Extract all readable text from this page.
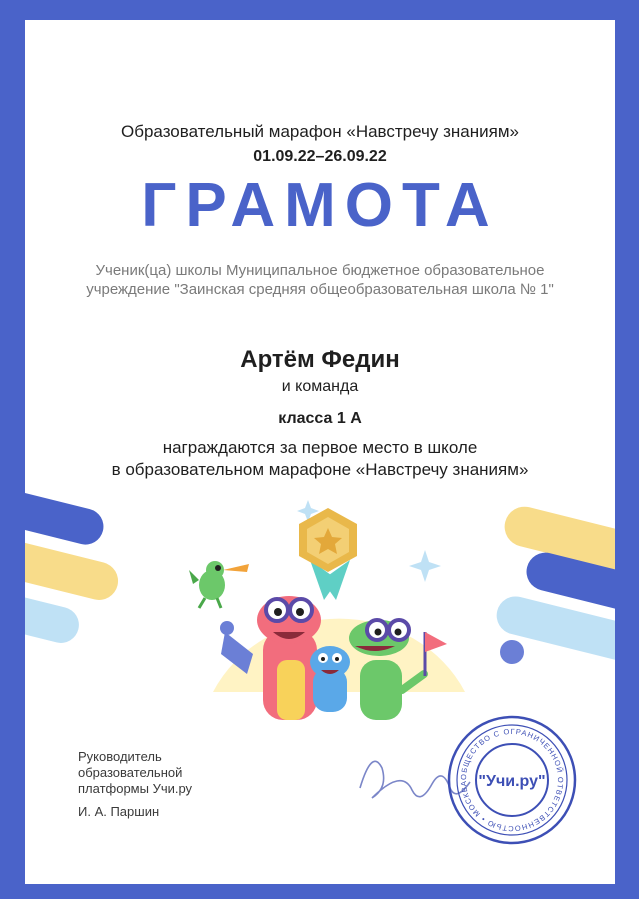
ОБЩЕСТВО С ОГРАНИЧЕННОЙ ОТВЕТСТВЕННОСТЬЮ • МОСКВА "Учи.ру"
Образовательный марафон «Навстречу знаниям»
01.09.22–26.09.22
ГРАМОТА
Ученик(ца) школы Муниципальное бюджетное образовательное
учреждение "Заинская средняя общеобразовательная школа № 1"
Артём Федин
и команда
класса 1 А
награждаются за первое место в школе
в образовательном марафоне «Навстречу знаниям»
Руководитель
образовательной
платформы Учи.ру
И. А. Паршин
